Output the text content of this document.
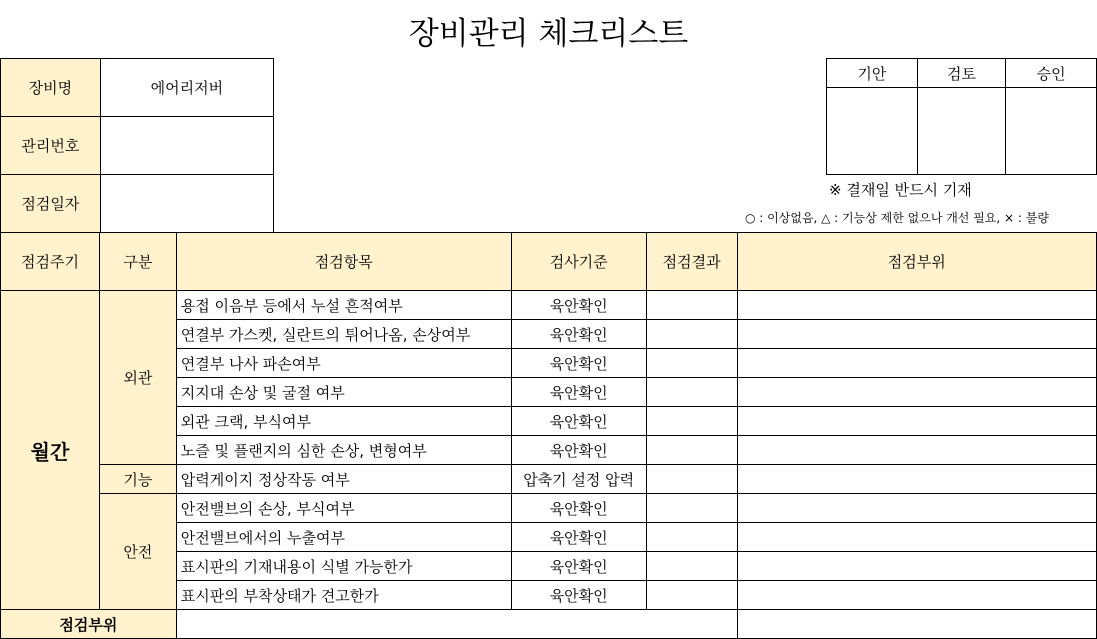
장비관리 체크리스트
장비명	에어리저버
관리번호	
점검일자	
기안	검토	승인

※ 결재일 반드시 기재
○ : 이상없음, △ : 기능상 제한 없으나 개선 필요, × : 불량
점검주기	구분	점검항목	검사기준	점검결과	점검부위
월간	외관	용접 이음부 등에서 누설 흔적여부	육안확인		
		연결부 가스켓, 실란트의 튀어나옴, 손상여부	육안확인		
		연결부 나사 파손여부	육안확인		
		지지대 손상 및 굴절 여부	육안확인		
		외관 크랙, 부식여부	육안확인		
		노즐 및 플랜지의 심한 손상, 변형여부	육안확인		
	기능	압력게이지 정상작동 여부	압축기 설정 압력		
	안전	안전밸브의 손상, 부식여부	육안확인		
		안전밸브에서의 누출여부	육안확인		
		표시판의 기재내용이 식별 가능한가	육안확인		
		표시판의 부착상태가 견고한가	육안확인		
점검부위					
